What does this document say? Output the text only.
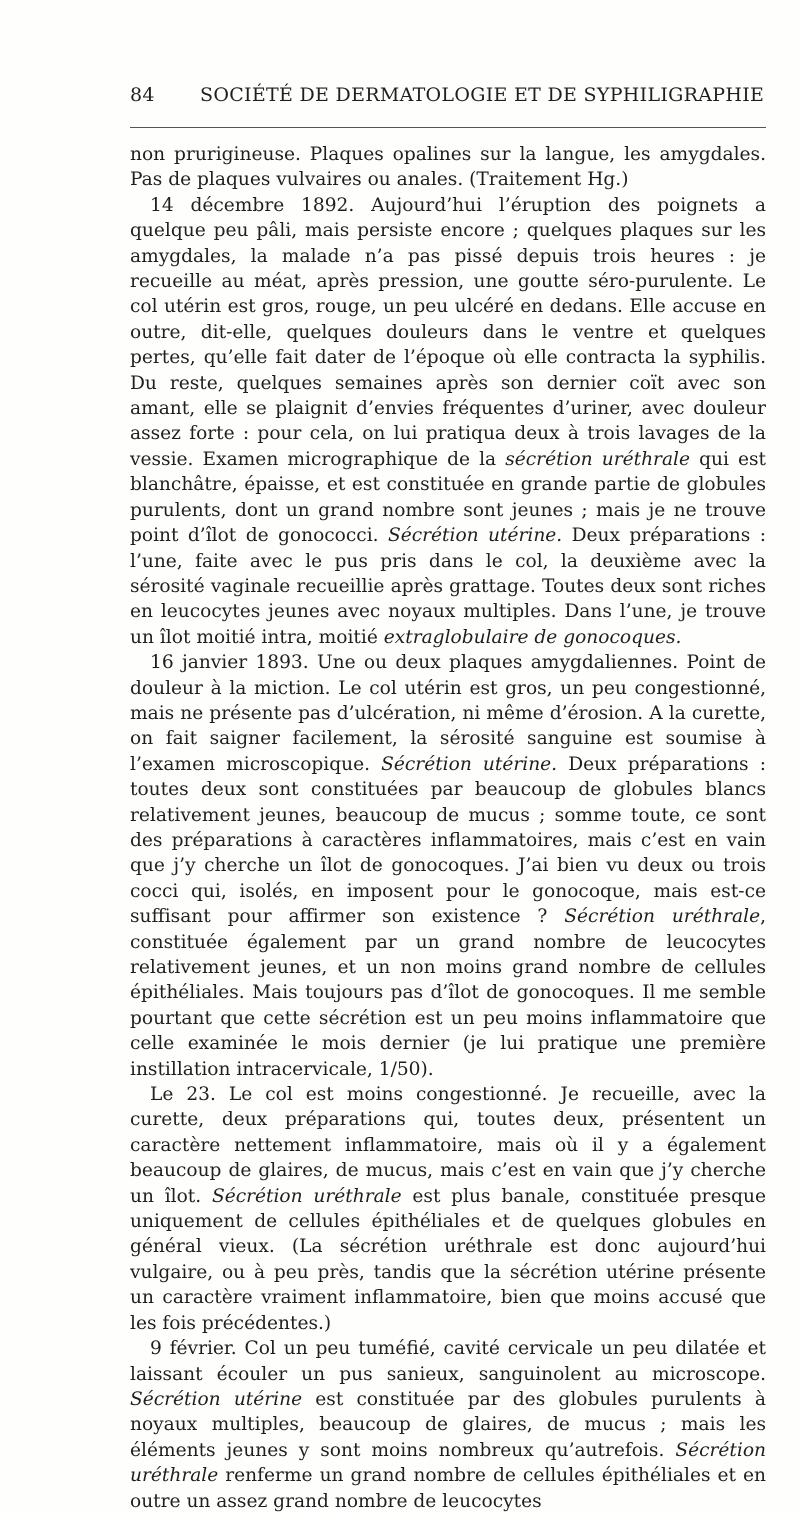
84 SOCIÉTÉ DE DERMATOLOGIE ET DE SYPHILIGRAPHIE

non prurigineuse. Plaques opalines sur la langue, les amygdales. Pas de plaques vulvaires ou anales. (Traitement Hg.)

14 décembre 1892. Aujourd’hui l’éruption des poignets a quelque peu pâli, mais persiste encore ; quelques plaques sur les amygdales, la malade n’a pas pissé depuis trois heures : je recueille au méat, après pression, une goutte séro-purulente. Le col utérin est gros, rouge, un peu ulcéré en dedans. Elle accuse en outre, dit-elle, quelques douleurs dans le ventre et quelques pertes, qu’elle fait dater de l’époque où elle contracta la syphilis. Du reste, quelques semaines après son dernier coït avec son amant, elle se plaignit d’envies fréquentes d’uriner, avec douleur assez forte : pour cela, on lui pratiqua deux à trois lavages de la vessie. Examen micrographique de la sécrétion uréthrale qui est blanchâtre, épaisse, et est constituée en grande partie de globules purulents, dont un grand nombre sont jeunes ; mais je ne trouve point d’îlot de gonococci. Sécrétion utérine. Deux préparations : l’une, faite avec le pus pris dans le col, la deuxième avec la sérosité vaginale recueillie après grattage. Toutes deux sont riches en leucocytes jeunes avec noyaux multiples. Dans l’une, je trouve un îlot moitié intra, moitié extraglobulaire de gonocoques.

16 janvier 1893. Une ou deux plaques amygdaliennes. Point de douleur à la miction. Le col utérin est gros, un peu congestionné, mais ne présente pas d’ulcération, ni même d’érosion. A la curette, on fait saigner facilement, la sérosité sanguine est soumise à l’examen microscopique. Sécrétion utérine. Deux préparations : toutes deux sont constituées par beaucoup de globules blancs relativement jeunes, beaucoup de mucus ; somme toute, ce sont des préparations à caractères inflammatoires, mais c’est en vain que j’y cherche un îlot de gonocoques. J’ai bien vu deux ou trois cocci qui, isolés, en imposent pour le gonocoque, mais est-ce suffisant pour affirmer son existence ? Sécrétion uréthrale, constituée également par un grand nombre de leucocytes relativement jeunes, et un non moins grand nombre de cellules épithéliales. Mais toujours pas d’îlot de gonocoques. Il me semble pourtant que cette sécrétion est un peu moins inflammatoire que celle examinée le mois dernier (je lui pratique une première instillation intracervicale, 1/50).

Le 23. Le col est moins congestionné. Je recueille, avec la curette, deux préparations qui, toutes deux, présentent un caractère nettement inflammatoire, mais où il y a également beaucoup de glaires, de mucus, mais c’est en vain que j’y cherche un îlot. Sécrétion uréthrale est plus banale, constituée presque uniquement de cellules épithéliales et de quelques globules en général vieux. (La sécrétion uréthrale est donc aujourd’hui vulgaire, ou à peu près, tandis que la sécrétion utérine présente un caractère vraiment inflammatoire, bien que moins accusé que les fois précédentes.)

9 février. Col un peu tuméfié, cavité cervicale un peu dilatée et laissant écouler un pus sanieux, sanguinolent au microscope. Sécrétion utérine est constituée par des globules purulents à noyaux multiples, beaucoup de glaires, de mucus ; mais les éléments jeunes y sont moins nombreux qu’autrefois. Sécrétion uréthrale renferme un grand nombre de cellules épithéliales et en outre un assez grand nombre de leucocytes
